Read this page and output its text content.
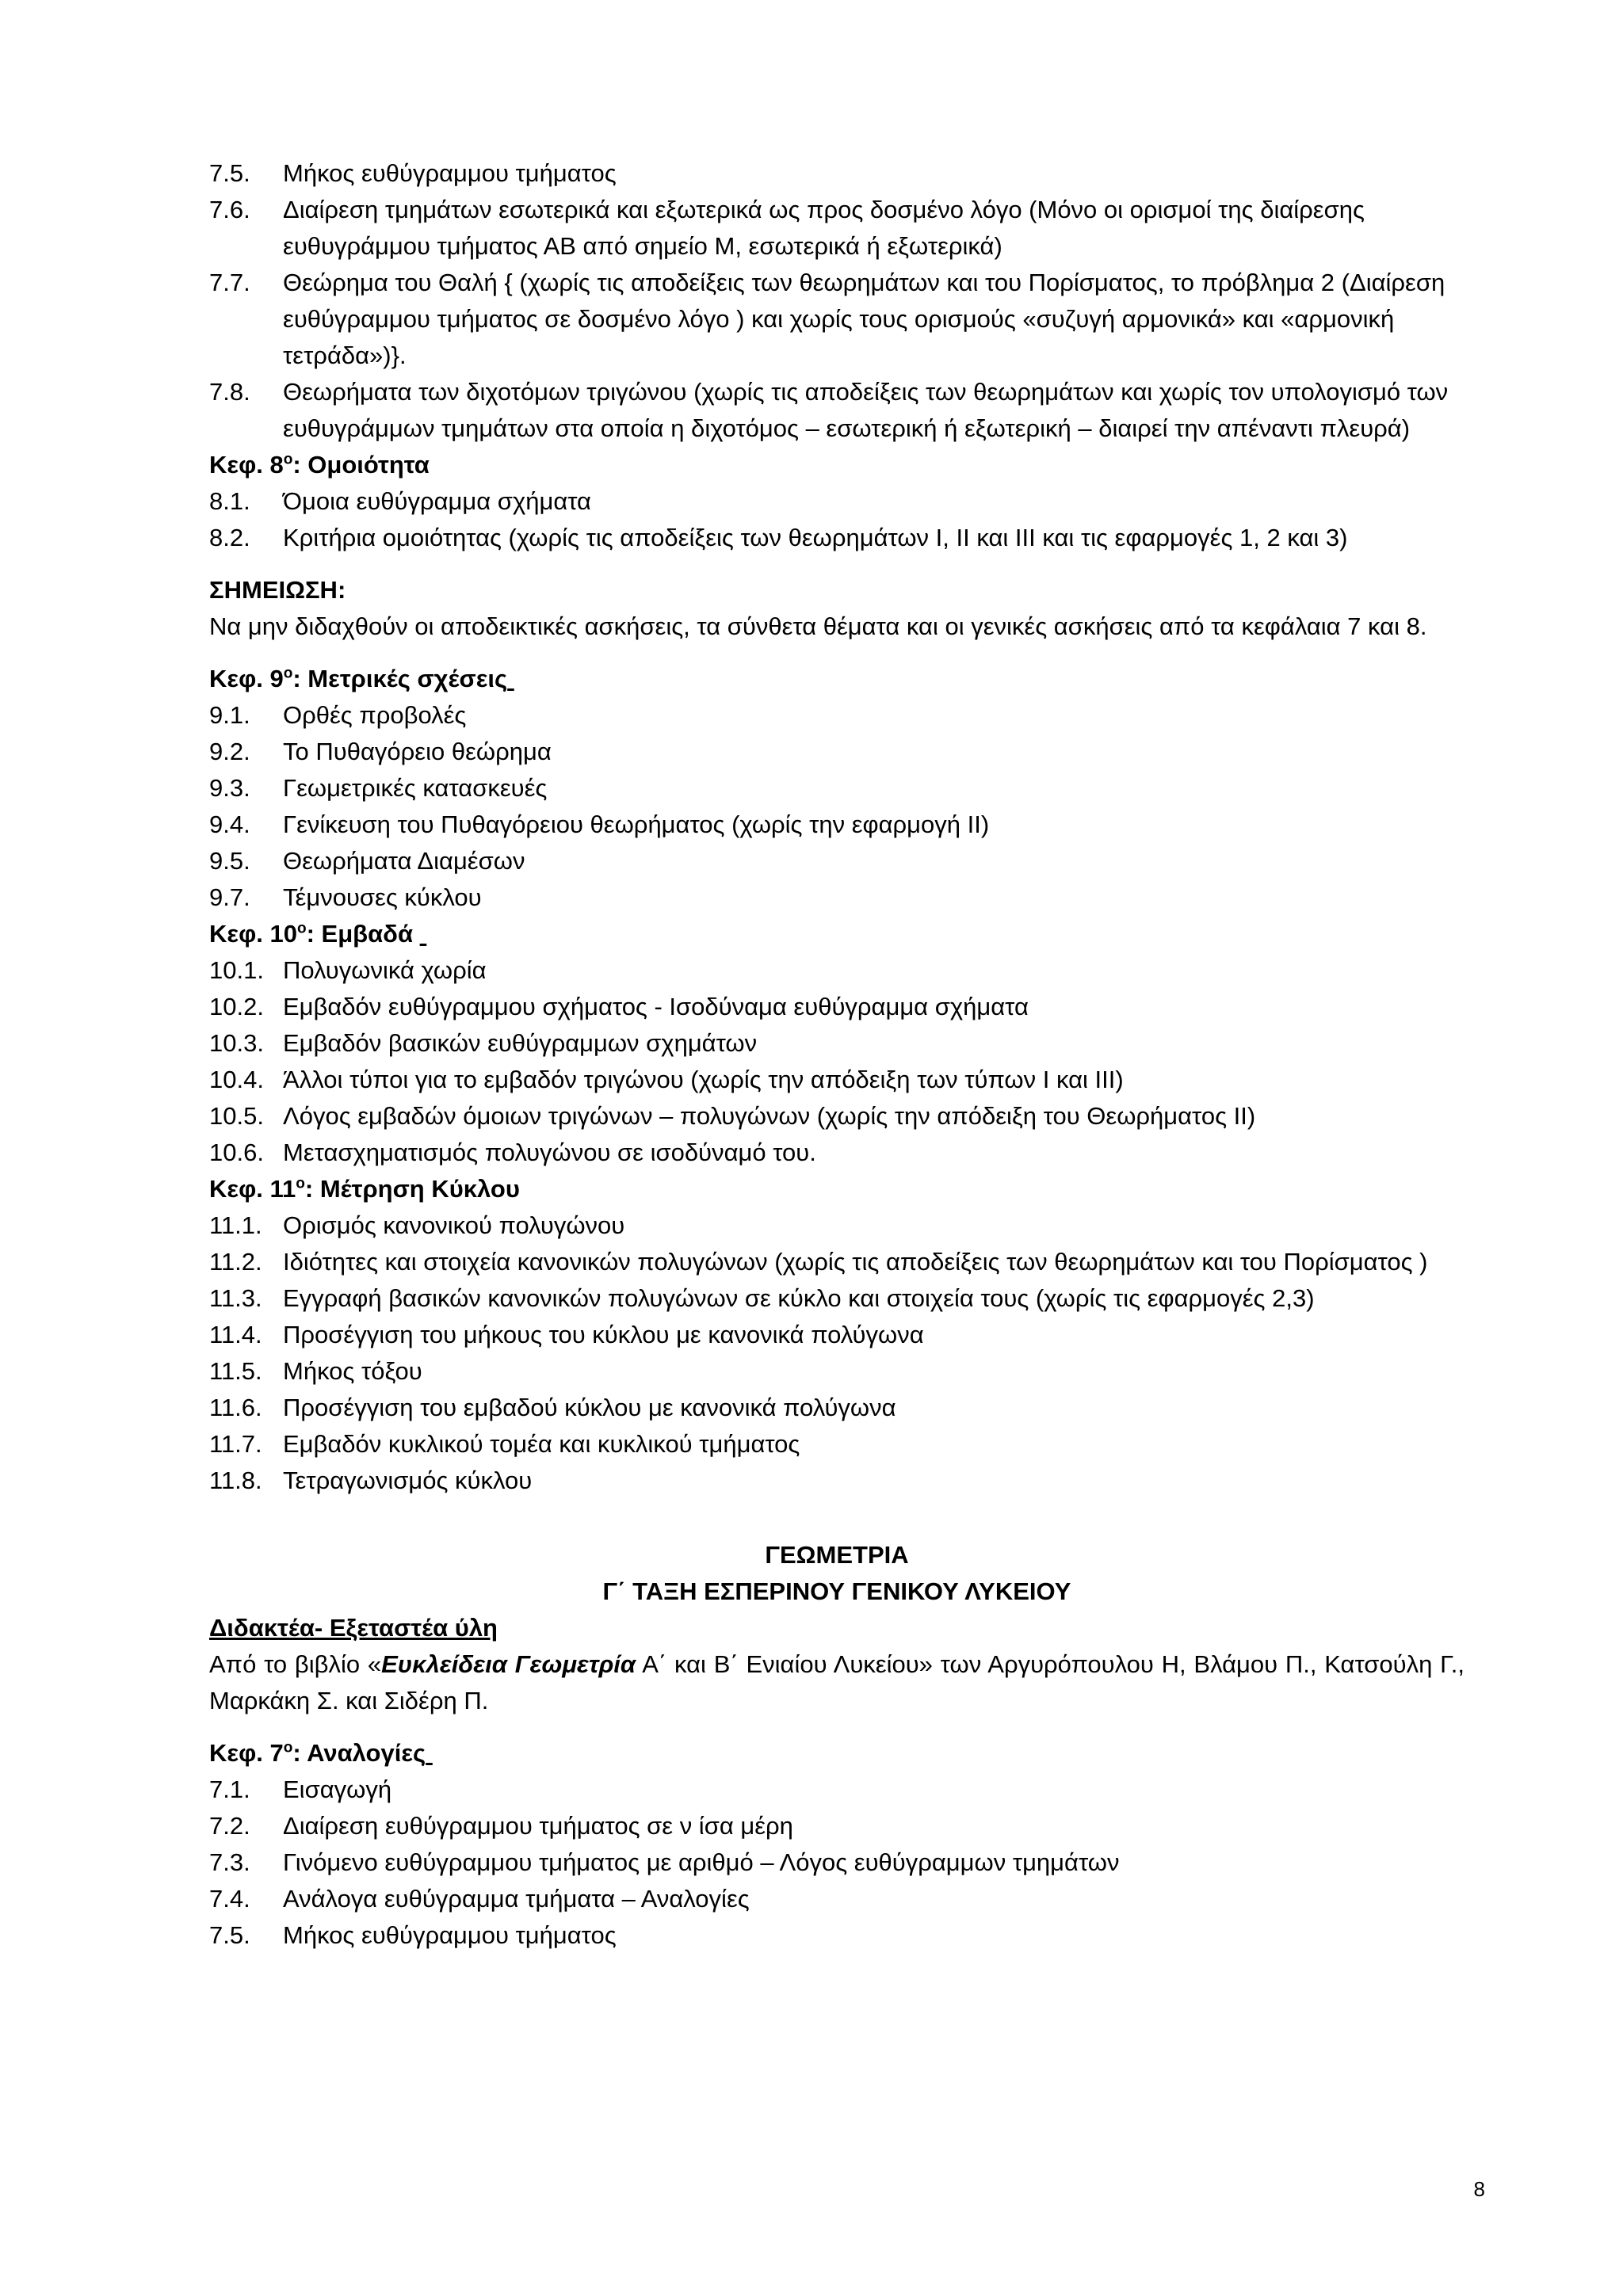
7.5.	Μήκος ευθύγραμμου τμήματος
7.6.	Διαίρεση τμημάτων εσωτερικά και εξωτερικά ως προς δοσμένο λόγο (Μόνο οι ορισμοί της διαίρεσης ευθυγράμμου τμήματος ΑΒ από σημείο Μ, εσωτερικά ή εξωτερικά)
7.7.	Θεώρημα του Θαλή { (χωρίς τις αποδείξεις των θεωρημάτων και του Πορίσματος, το πρόβλημα 2 (Διαίρεση ευθύγραμμου τμήματος σε δοσμένο λόγο ) και χωρίς τους ορισμούς «συζυγή αρμονικά» και «αρμονική τετράδα»)}.
7.8.	Θεωρήματα των διχοτόμων τριγώνου (χωρίς τις αποδείξεις των θεωρημάτων και χωρίς τον υπολογισμό των ευθυγράμμων τμημάτων στα οποία η διχοτόμος – εσωτερική ή εξωτερική – διαιρεί την απέναντι πλευρά)
Κεφ. $8^o$: Ομοιότητα
8.1.	Όμοια ευθύγραμμα σχήματα
8.2.	Κριτήρια ομοιότητας (χωρίς τις αποδείξεις των θεωρημάτων Ι, ΙΙ και ΙΙΙ και τις εφαρμογές 1, 2 και 3)
ΣΗΜΕΙΩΣΗ:
Να μην διδαχθούν οι αποδεικτικές ασκήσεις, τα σύνθετα θέματα και οι γενικές ασκήσεις από τα κεφάλαια 7 και 8.
Κεφ. $9^o$: Μετρικές σχέσεις
9.1.	Ορθές προβολές
9.2.	Το Πυθαγόρειο θεώρημα
9.3.	Γεωμετρικές κατασκευές
9.4.	Γενίκευση του Πυθαγόρειου θεωρήματος (χωρίς την εφαρμογή ΙΙ)
9.5.	Θεωρήματα Διαμέσων
9.7.	Τέμνουσες κύκλου
Κεφ. $10^o$: Εμβαδά
10.1. Πολυγωνικά χωρία
10.2. Εμβαδόν ευθύγραμμου σχήματος - Ισοδύναμα ευθύγραμμα σχήματα
10.3. Εμβαδόν βασικών ευθύγραμμων σχημάτων
10.4. Άλλοι τύποι για το εμβαδόν τριγώνου (χωρίς την απόδειξη των τύπων Ι και ΙΙΙ)
10.5. Λόγος εμβαδών όμοιων τριγώνων – πολυγώνων (χωρίς την απόδειξη του Θεωρήματος ΙΙ)
10.6. Μετασχηματισμός πολυγώνου σε ισοδύναμό του.
Κεφ. $11^o$: Μέτρηση Κύκλου
11.1. Ορισμός κανονικού πολυγώνου
11.2. Ιδιότητες και στοιχεία κανονικών πολυγώνων (χωρίς τις αποδείξεις των θεωρημάτων και του Πορίσματος )
11.3. Εγγραφή βασικών κανονικών πολυγώνων σε κύκλο και στοιχεία τους (χωρίς τις εφαρμογές 2,3)
11.4. Προσέγγιση του μήκους του κύκλου με κανονικά πολύγωνα
11.5. Μήκος τόξου
11.6. Προσέγγιση του εμβαδού κύκλου με κανονικά πολύγωνα
11.7. Εμβαδόν κυκλικού τομέα και κυκλικού τμήματος
11.8. Τετραγωνισμός κύκλου
ΓΕΩΜΕΤΡΙΑ
Γ΄ ΤΑΞΗ ΕΣΠΕΡΙΝΟΥ ΓΕΝΙΚΟΥ ΛΥΚΕΙΟΥ
Διδακτέα- Εξεταστέα ύλη
Από το βιβλίο «Ευκλείδεια Γεωμετρία Α΄ και Β΄ Ενιαίου Λυκείου» των Αργυρόπουλου Η, Βλάμου Π., Κατσούλη Γ., Μαρκάκη Σ. και Σιδέρη Π.
Κεφ. $7^o$: Αναλογίες
7.1.	Εισαγωγή
7.2.	Διαίρεση ευθύγραμμου τμήματος σε ν ίσα μέρη
7.3.	Γινόμενο ευθύγραμμου τμήματος με αριθμό – Λόγος ευθύγραμμων τμημάτων
7.4.	Ανάλογα ευθύγραμμα τμήματα – Αναλογίες
7.5.	Μήκος ευθύγραμμου τμήματος
8
